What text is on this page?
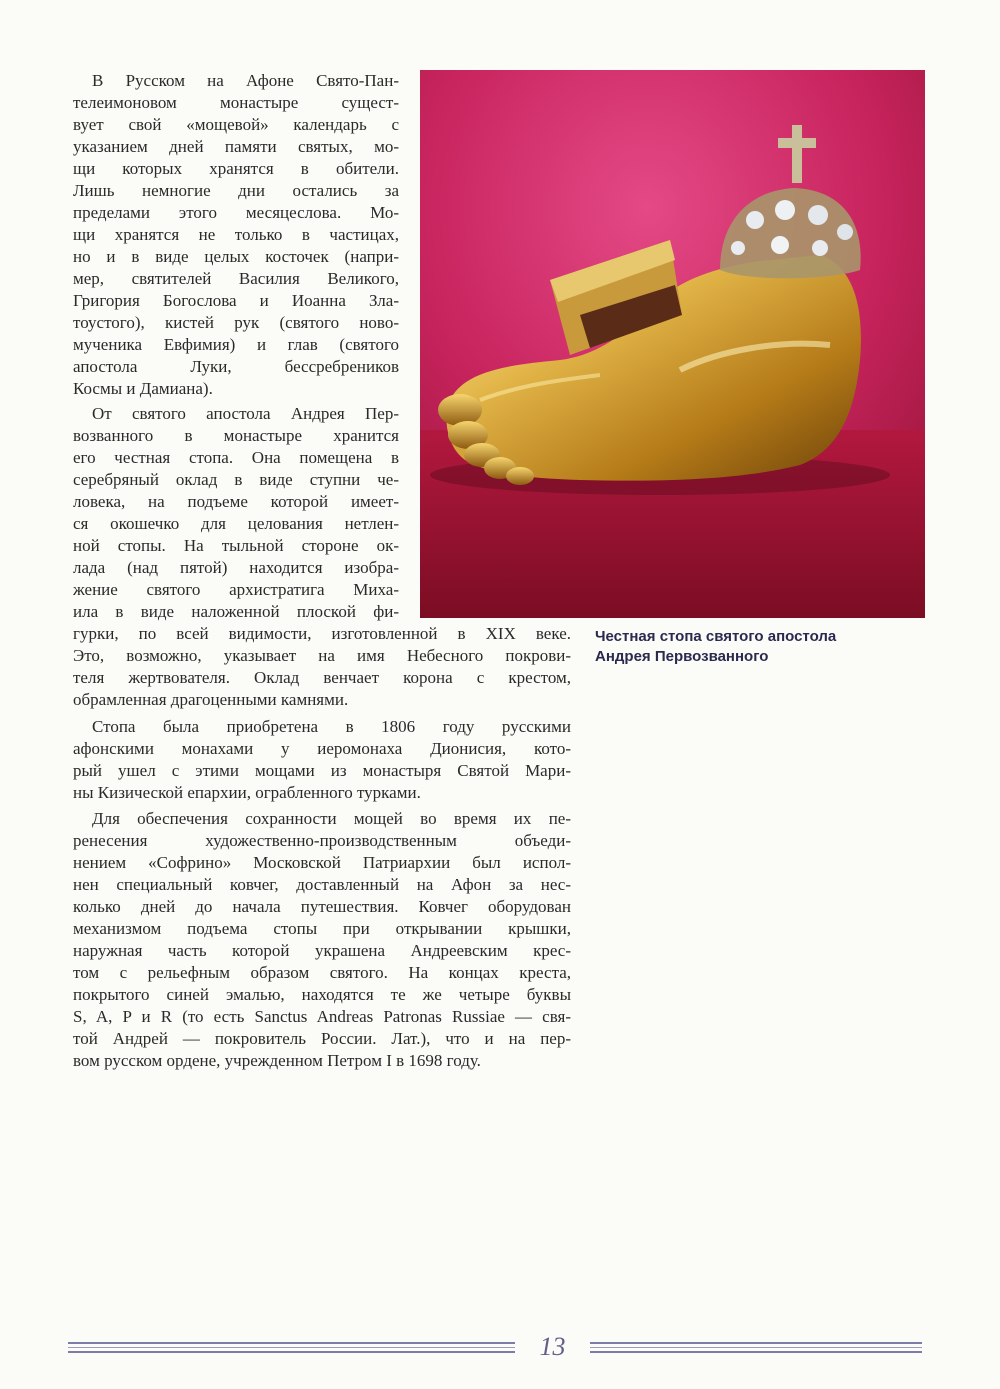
Честная стопа святого апостола
Андрея Первозванного
В Русском на Афоне Свято-Пан-
телеимоновом монастыре сущест-
вует свой «мощевой» календарь с
указанием дней памяти святых, мо-
щи которых хранятся в обители.
Лишь немногие дни остались за
пределами этого месяцеслова. Мо-
щи хранятся не только в частицах,
но и в виде целых косточек (напри-
мер, святителей Василия Великого,
Григория Богослова и Иоанна Зла-
тоустого), кистей рук (святого ново-
мученика Евфимия) и глав (святого
апостола Луки, бессребреников
Космы и Дамиана).
От святого апостола Андрея Пер-
возванного в монастыре хранится
его честная стопа. Она помещена в
серебряный оклад в виде ступни че-
ловека, на подъеме которой имеет-
ся окошечко для целования нетлен-
ной стопы. На тыльной стороне ок-
лада (над пятой) находится изобра-
жение святого архистратига Миха-
ила в виде наложенной плоской фи-
гурки, по всей видимости, изготовленной в XIX веке.
Это, возможно, указывает на имя Небесного покрови-
теля жертвователя. Оклад венчает корона с крестом,
обрамленная драгоценными камнями.
Стопа была приобретена в 1806 году русскими
афонскими монахами у иеромонаха Дионисия, кото-
рый ушел с этими мощами из монастыря Святой Мари-
ны Кизической епархии, ограбленного турками.
Для обеспечения сохранности мощей во время их пе-
ренесения художественно-производственным объеди-
нением «Софрино» Московской Патриархии был испол-
нен специальный ковчег, доставленный на Афон за нес-
колько дней до начала путешествия. Ковчег оборудован
механизмом подъема стопы при открывании крышки,
наружная часть которой украшена Андреевским крес-
том с рельефным образом святого. На концах креста,
покрытого синей эмалью, находятся те же четыре буквы
S, A, P и R (то есть Sanctus Andreas Patronas Russiae — свя-
той Андрей — покровитель России. Лат.), что и на пер-
вом русском ордене, учрежденном Петром I в 1698 году.
13
